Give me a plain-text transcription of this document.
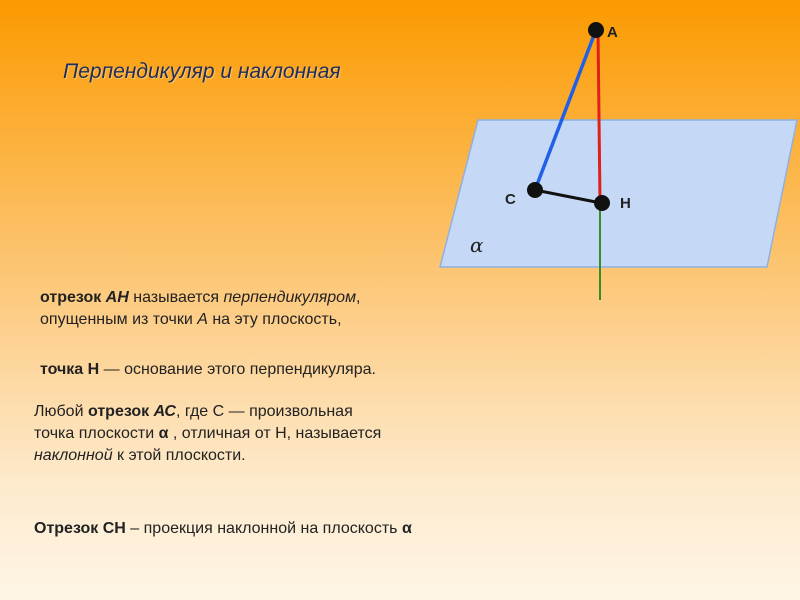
Перпендикуляр и наклонная
A
C	H
α
отрезок АН называется перпендикуляром,
опущенным из точки А на эту плоскость,
точка Н — основание этого перпендикуляра.
Любой отрезок АС, где С — произвольная
точка плоскости α , отличная от Н, называется
наклонной к этой плоскости.
Отрезок СН – проекция наклонной на плоскость α
